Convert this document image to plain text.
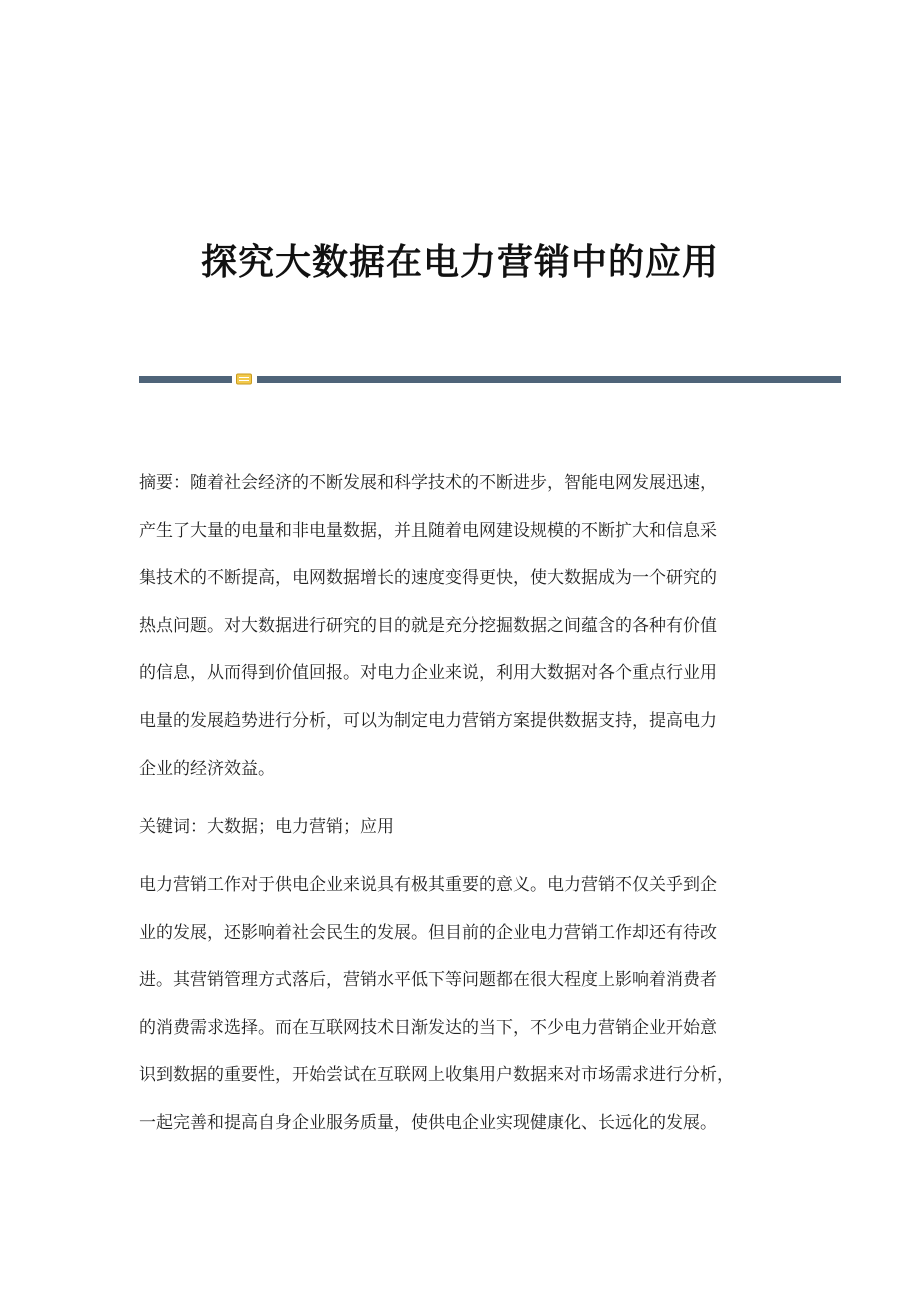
探究大数据在电力营销中的应用
摘要：随着社会经济的不断发展和科学技术的不断进步，智能电网发展迅速，
产生了大量的电量和非电量数据，并且随着电网建设规模的不断扩大和信息采
集技术的不断提高，电网数据增长的速度变得更快，使大数据成为一个研究的
热点问题。对大数据进行研究的目的就是充分挖掘数据之间蕴含的各种有价值
的信息，从而得到价值回报。对电力企业来说，利用大数据对各个重点行业用
电量的发展趋势进行分析，可以为制定电力营销方案提供数据支持，提高电力
企业的经济效益。
关键词：大数据；电力营销；应用
电力营销工作对于供电企业来说具有极其重要的意义。电力营销不仅关乎到企
业的发展，还影响着社会民生的发展。但目前的企业电力营销工作却还有待改
进。其营销管理方式落后，营销水平低下等问题都在很大程度上影响着消费者
的消费需求选择。而在互联网技术日渐发达的当下，不少电力营销企业开始意
识到数据的重要性，开始尝试在互联网上收集用户数据来对市场需求进行分析，
一起完善和提高自身企业服务质量，使供电企业实现健康化、长远化的发展。
